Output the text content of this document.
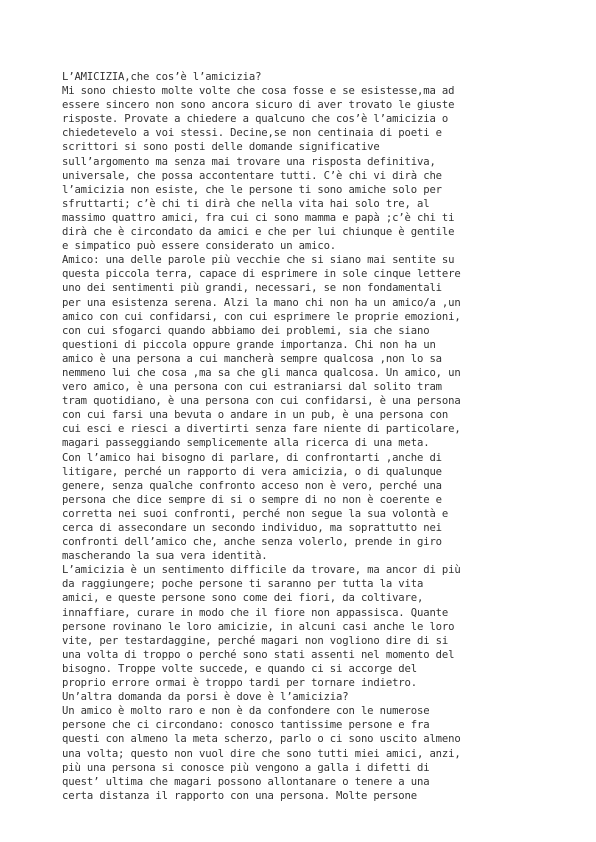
L’AMICIZIA,che cos’è l’amicizia?
Mi sono chiesto molte volte che cosa fosse e se esistesse,ma ad
essere sincero non sono ancora sicuro di aver trovato le giuste
risposte. Provate a chiedere a qualcuno che cos’è l’amicizia o
chiedetevelo a voi stessi. Decine,se non centinaia di poeti e
scrittori si sono posti delle domande significative
sull’argomento ma senza mai trovare una risposta definitiva,
universale, che possa accontentare tutti. C’è chi vi dirà che
l’amicizia non esiste, che le persone ti sono amiche solo per
sfruttarti; c’è chi ti dirà che nella vita hai solo tre, al
massimo quattro amici, fra cui ci sono mamma e papà ;c’è chi ti
dirà che è circondato da amici e che per lui chiunque è gentile
e simpatico può essere considerato un amico.
Amico: una delle parole più vecchie che si siano mai sentite su
questa piccola terra, capace di esprimere in sole cinque lettere
uno dei sentimenti più grandi, necessari, se non fondamentali
per una esistenza serena. Alzi la mano chi non ha un amico/a ,un
amico con cui confidarsi, con cui esprimere le proprie emozioni,
con cui sfogarci quando abbiamo dei problemi, sia che siano
questioni di piccola oppure grande importanza. Chi non ha un
amico è una persona a cui mancherà sempre qualcosa ,non lo sa
nemmeno lui che cosa ,ma sa che gli manca qualcosa. Un amico, un
vero amico, è una persona con cui estraniarsi dal solito tram
tram quotidiano, è una persona con cui confidarsi, è una persona
con cui farsi una bevuta o andare in un pub, è una persona con
cui esci e riesci a divertirti senza fare niente di particolare,
magari passeggiando semplicemente alla ricerca di una meta.
Con l’amico hai bisogno di parlare, di confrontarti ,anche di
litigare, perché un rapporto di vera amicizia, o di qualunque
genere, senza qualche confronto acceso non è vero, perché una
persona che dice sempre di si o sempre di no non è coerente e
corretta nei suoi confronti, perché non segue la sua volontà e
cerca di assecondare un secondo individuo, ma soprattutto nei
confronti dell’amico che, anche senza volerlo, prende in giro
mascherando la sua vera identità.
L’amicizia è un sentimento difficile da trovare, ma ancor di più
da raggiungere; poche persone ti saranno per tutta la vita
amici, e queste persone sono come dei fiori, da coltivare,
innaffiare, curare in modo che il fiore non appassisca. Quante
persone rovinano le loro amicizie, in alcuni casi anche le loro
vite, per testardaggine, perché magari non vogliono dire di si
una volta di troppo o perché sono stati assenti nel momento del
bisogno. Troppe volte succede, e quando ci si accorge del
proprio errore ormai è troppo tardi per tornare indietro.
Un’altra domanda da porsi è dove è l’amicizia?
Un amico è molto raro e non è da confondere con le numerose
persone che ci circondano: conosco tantissime persone e fra
questi con almeno la meta scherzo, parlo o ci sono uscito almeno
una volta; questo non vuol dire che sono tutti miei amici, anzi,
più una persona si conosce più vengono a galla i difetti di
quest’ ultima che magari possono allontanare o tenere a una
certa distanza il rapporto con una persona. Molte persone
